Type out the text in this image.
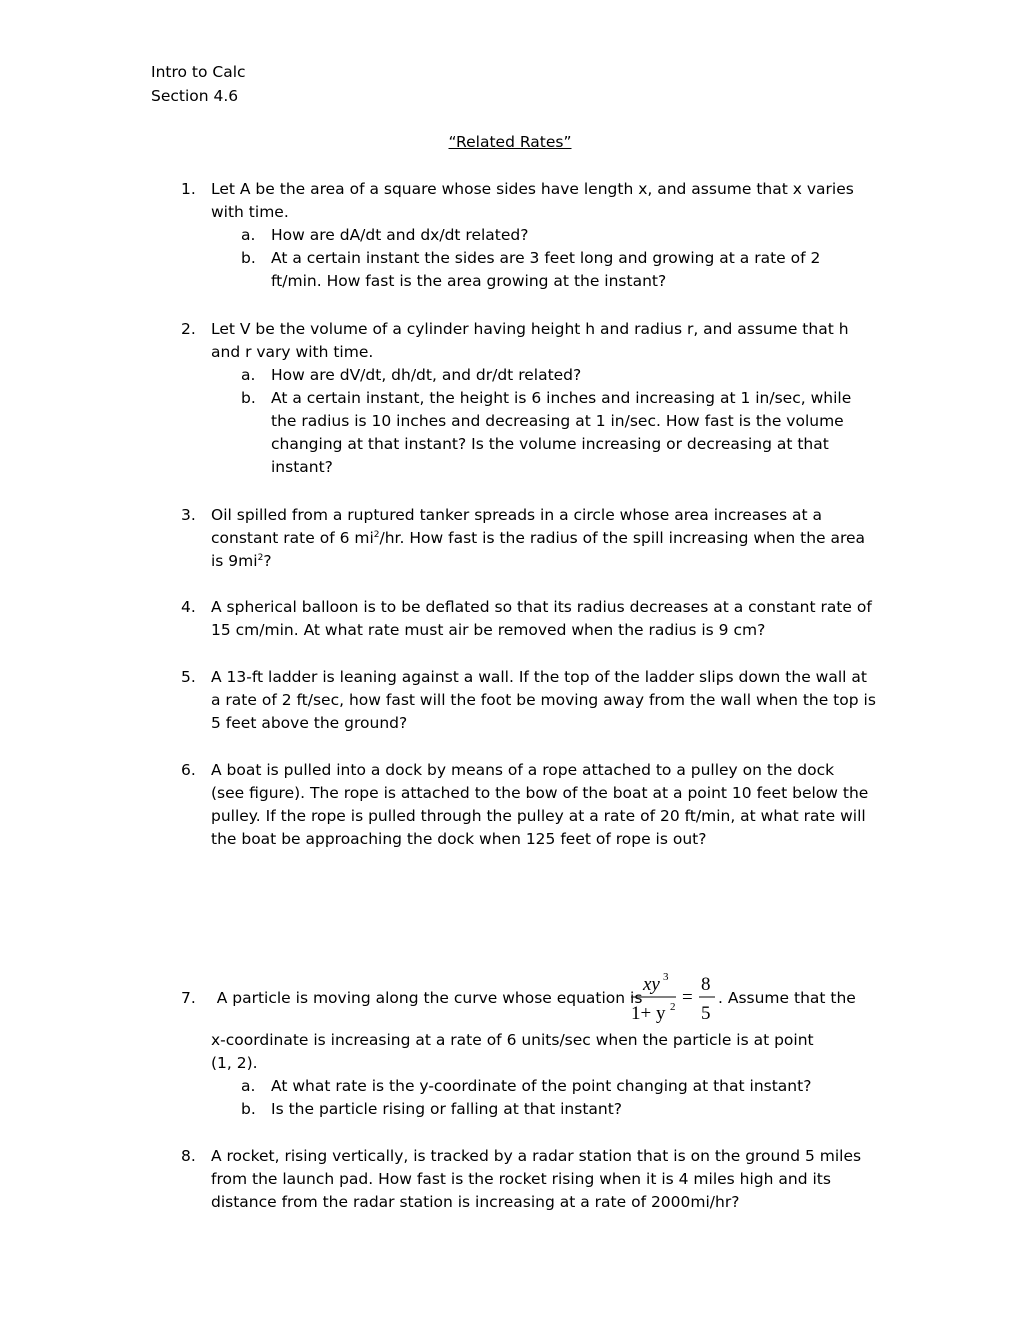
Intro to Calc
Section 4.6
“Related Rates”
1. Let A be the area of a square whose sides have length x, and assume that x varies with time.
a. How are dA/dt and dx/dt related?
b. At a certain instant the sides are 3 feet long and growing at a rate of 2 ft/min. How fast is the area growing at the instant?
2. Let V be the volume of a cylinder having height h and radius r, and assume that h and r vary with time.
a. How are dV/dt, dh/dt, and dr/dt related?
b. At a certain instant, the height is 6 inches and increasing at 1 in/sec, while the radius is 10 inches and decreasing at 1 in/sec. How fast is the volume changing at that instant? Is the volume increasing or decreasing at that instant?
3. Oil spilled from a ruptured tanker spreads in a circle whose area increases at a constant rate of 6 $mi^2/hr$. How fast is the radius of the spill increasing when the area is $9mi^2$?
4. A spherical balloon is to be deflated so that its radius decreases at a constant rate of 15 cm/min. At what rate must air be removed when the radius is 9 cm?
5. A 13-ft ladder is leaning against a wall. If the top of the ladder slips down the wall at a rate of 2 ft/sec, how fast will the foot be moving away from the wall when the top is 5 feet above the ground?
6. A boat is pulled into a dock by means of a rope attached to a pulley on the dock (see figure). The rope is attached to the bow of the boat at a point 10 feet below the pulley. If the rope is pulled through the pulley at a rate of 20 ft/min, at what rate will the boat be approaching the dock when 125 feet of rope is out?
7. A particle is moving along the curve whose equation is
xy 3
1+ y 2 =
8
5
. Assume that the
x-coordinate is increasing at a rate of 6 units/sec when the particle is at point (1, 2).
a. At what rate is the y-coordinate of the point changing at that instant?
b. Is the particle rising or falling at that instant?
8. A rocket, rising vertically, is tracked by a radar station that is on the ground 5 miles from the launch pad. How fast is the rocket rising when it is 4 miles high and its distance from the radar station is increasing at a rate of 2000mi/hr?
